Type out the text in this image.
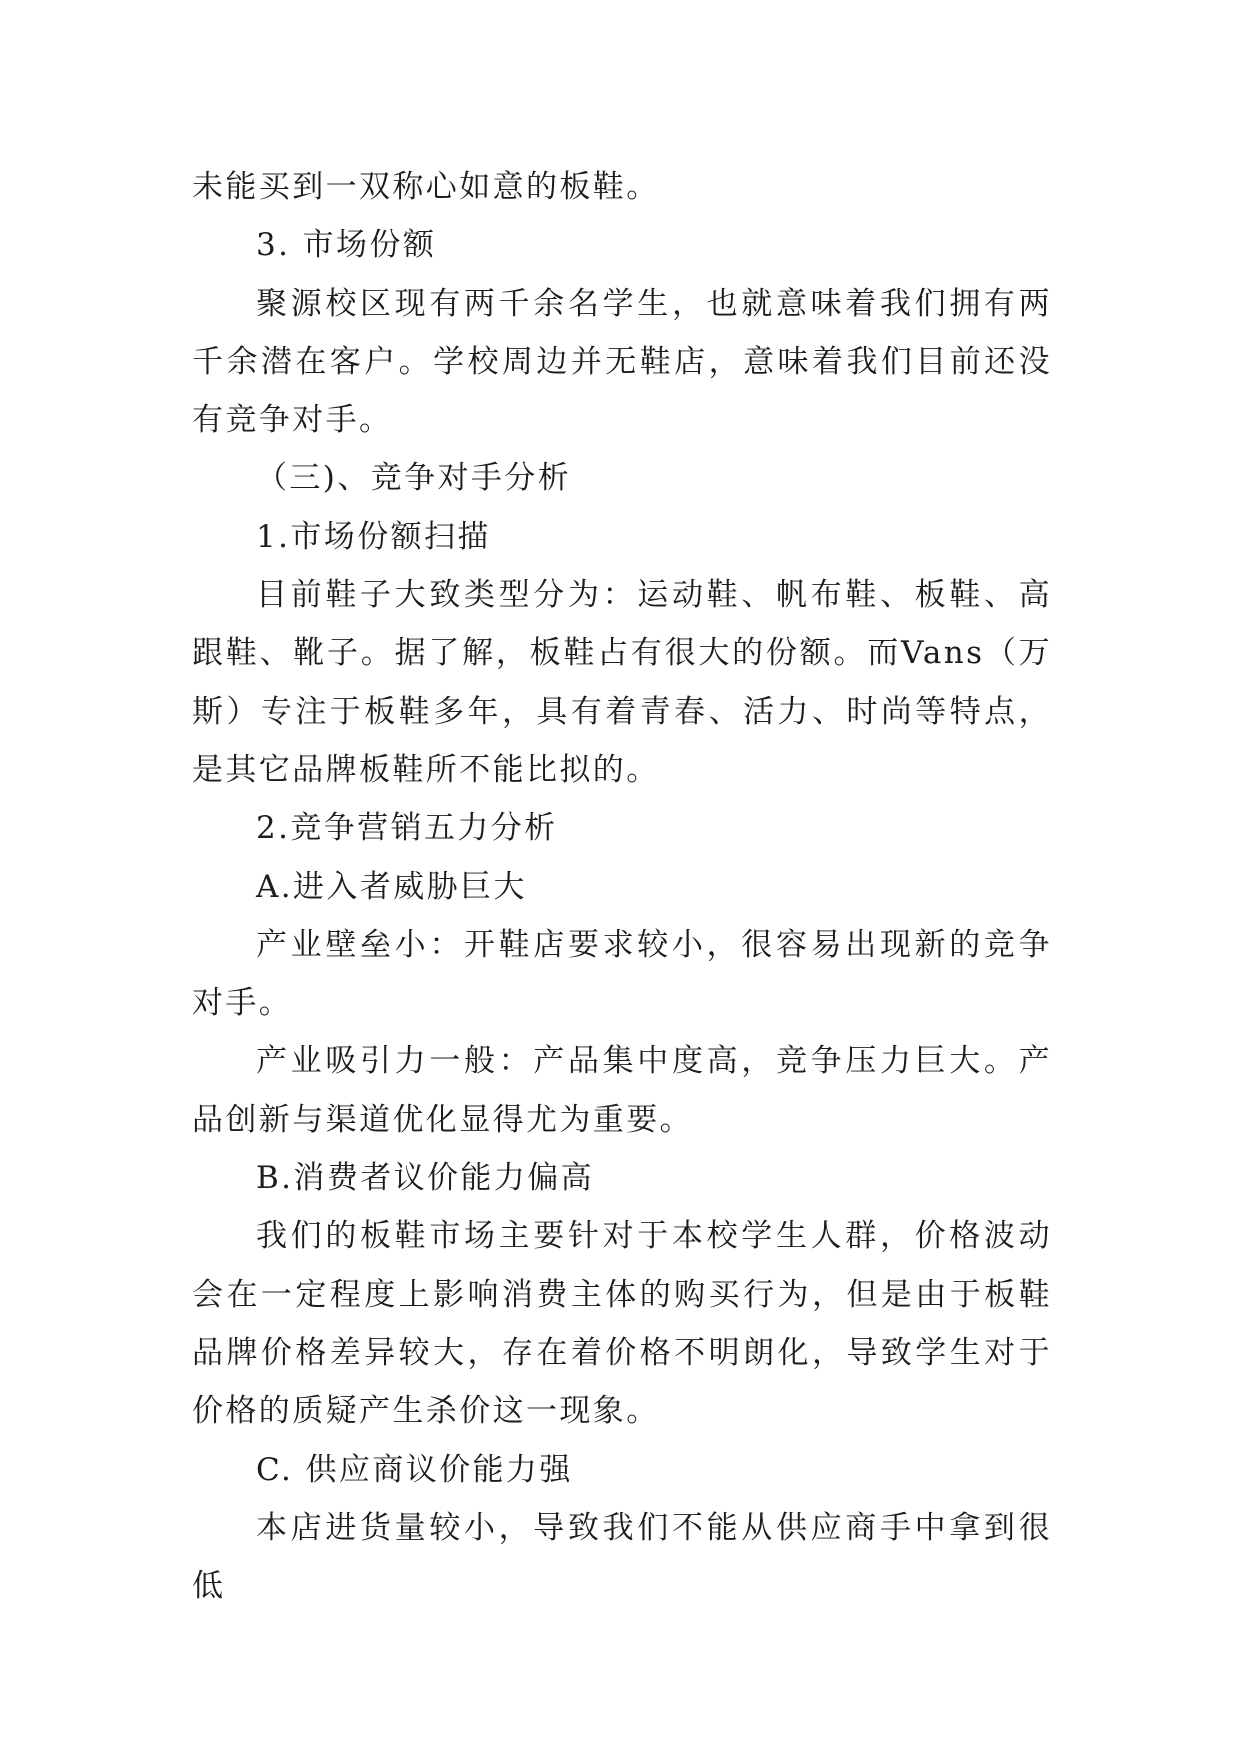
未能买到一双称心如意的板鞋。

3. 市场份额

聚源校区现有两千余名学生，也就意味着我们拥有两千余潜在客户。学校周边并无鞋店，意味着我们目前还没有竞争对手。

（三)、竞争对手分析

1.市场份额扫描

目前鞋子大致类型分为：运动鞋、帆布鞋、板鞋、高跟鞋、靴子。据了解，板鞋占有很大的份额。而Vans（万斯）专注于板鞋多年，具有着青春、活力、时尚等特点，是其它品牌板鞋所不能比拟的。

2.竞争营销五力分析

A.进入者威胁巨大

产业壁垒小：开鞋店要求较小，很容易出现新的竞争对手。

产业吸引力一般：产品集中度高，竞争压力巨大。产品创新与渠道优化显得尤为重要。

B.消费者议价能力偏高

我们的板鞋市场主要针对于本校学生人群，价格波动会在一定程度上影响消费主体的购买行为，但是由于板鞋品牌价格差异较大，存在着价格不明朗化，导致学生对于价格的质疑产生杀价这一现象。

C. 供应商议价能力强

本店进货量较小，导致我们不能从供应商手中拿到很低
